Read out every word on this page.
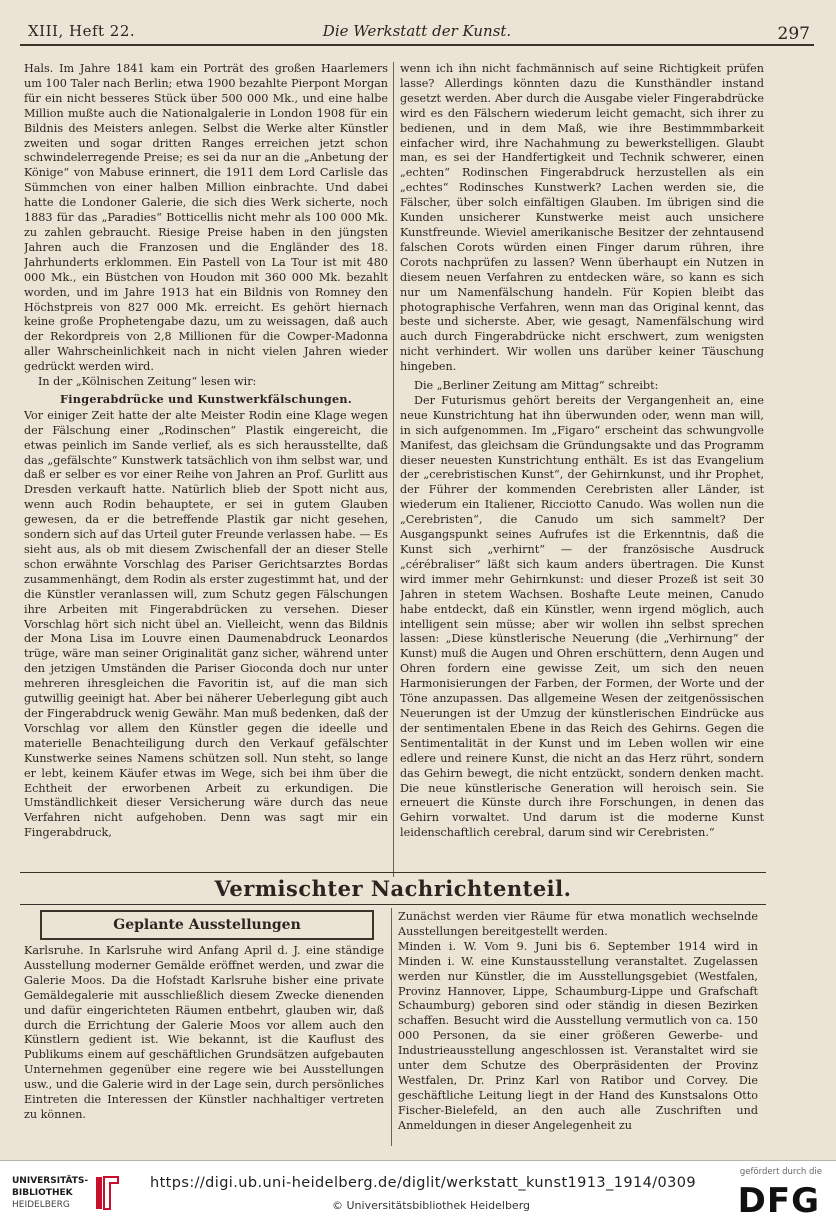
XIII, Heft 22.	Die Werkstatt der Kunst.	297

Hals. Im Jahre 1841 kam ein Porträt des großen Haarlemers um 100 Taler nach Berlin; etwa 1900 bezahlte Pierpont Morgan für ein nicht besseres Stück über 500 000 Mk., und eine halbe Million mußte auch die Nationalgalerie in London 1908 für ein Bildnis des Meisters anlegen. Selbst die Werke alter Künstler zweiten und sogar dritten Ranges erreichen jetzt schon schwindelerregende Preise; es sei da nur an die „Anbetung der Könige“ von Mabuse erinnert, die 1911 dem Lord Carlisle das Sümmchen von einer halben Million einbrachte. Und dabei hatte die Londoner Galerie, die sich dies Werk sicherte, noch 1883 für das „Paradies“ Botticellis nicht mehr als 100 000 Mk. zu zahlen gebraucht. Riesige Preise haben in den jüngsten Jahren auch die Franzosen und die Engländer des 18. Jahrhunderts erklommen. Ein Pastell von La Tour ist mit 480 000 Mk., ein Büstchen von Houdon mit 360 000 Mk. bezahlt worden, und im Jahre 1913 hat ein Bildnis von Romney den Höchstpreis von 827 000 Mk. erreicht. Es gehört hiernach keine große Prophetengabe dazu, um zu weissagen, daß auch der Rekordpreis von 2,8 Millionen für die Cowper-Madonna aller Wahrscheinlichkeit nach in nicht vielen Jahren wieder gedrückt werden wird.

In der „Kölnischen Zeitung“ lesen wir:

Fingerabdrücke und Kunstwerkfälschungen.

Vor einiger Zeit hatte der alte Meister Rodin eine Klage wegen der Fälschung einer „Rodinschen“ Plastik eingereicht, die etwas peinlich im Sande verlief, als es sich herausstellte, daß das „gefälschte“ Kunstwerk tatsächlich von ihm selbst war, und daß er selber es vor einer Reihe von Jahren an Prof. Gurlitt aus Dresden verkauft hatte. Natürlich blieb der Spott nicht aus, wenn auch Rodin behauptete, er sei in gutem Glauben gewesen, da er die betreffende Plastik gar nicht gesehen, sondern sich auf das Urteil guter Freunde verlassen habe. — Es sieht aus, als ob mit diesem Zwischenfall der an dieser Stelle schon erwähnte Vorschlag des Pariser Gerichtsarztes Bordas zusammenhängt, dem Rodin als erster zugestimmt hat, und der die Künstler veranlassen will, zum Schutz gegen Fälschungen ihre Arbeiten mit Fingerabdrücken zu versehen. Dieser Vorschlag hört sich nicht übel an. Vielleicht, wenn das Bildnis der Mona Lisa im Louvre einen Daumenabdruck Leonardos trüge, wäre man seiner Originalität ganz sicher, während unter den jetzigen Umständen die Pariser Gioconda doch nur unter mehreren ihresgleichen die Favoritin ist, auf die man sich gutwillig geeinigt hat. Aber bei näherer Ueberlegung gibt auch der Fingerabdruck wenig Gewähr. Man muß bedenken, daß der Vorschlag vor allem den Künstler gegen die ideelle und materielle Benachteiligung durch den Verkauf gefälschter Kunstwerke seines Namens schützen soll. Nun steht, so lange er lebt, keinem Käufer etwas im Wege, sich bei ihm über die Echtheit der erworbenen Arbeit zu erkundigen. Die Umständlichkeit dieser Versicherung wäre durch das neue Verfahren nicht aufgehoben. Denn was sagt mir ein Fingerabdruck,

wenn ich ihn nicht fachmännisch auf seine Richtigkeit prüfen lasse? Allerdings könnten dazu die Kunsthändler instand gesetzt werden. Aber durch die Ausgabe vieler Fingerabdrücke wird es den Fälschern wiederum leicht gemacht, sich ihrer zu bedienen, und in dem Maß, wie ihre Bestimmmbarkeit einfacher wird, ihre Nachahmung zu bewerkstelligen. Glaubt man, es sei der Handfertigkeit und Technik schwerer, einen „echten“ Rodinschen Fingerabdruck herzustellen als ein „echtes“ Rodinsches Kunstwerk? Lachen werden sie, die Fälscher, über solch einfältigen Glauben. Im übrigen sind die Kunden unsicherer Kunstwerke meist auch unsichere Kunstfreunde. Wieviel amerikanische Besitzer der zehntausend falschen Corots würden einen Finger darum rühren, ihre Corots nachprüfen zu lassen? Wenn überhaupt ein Nutzen in diesem neuen Verfahren zu entdecken wäre, so kann es sich nur um Namenfälschung handeln. Für Kopien bleibt das photographische Verfahren, wenn man das Original kennt, das beste und sicherste. Aber, wie gesagt, Namenfälschung wird auch durch Fingerabdrücke nicht erschwert, zum wenigsten nicht verhindert. Wir wollen uns darüber keiner Täuschung hingeben.

Die „Berliner Zeitung am Mittag“ schreibt:

Der Futurismus gehört bereits der Vergangenheit an, eine neue Kunstrichtung hat ihn überwunden oder, wenn man will, in sich aufgenommen. Im „Figaro“ erscheint das schwungvolle Manifest, das gleichsam die Gründungsakte und das Programm dieser neuesten Kunstrichtung enthält. Es ist das Evangelium der „cerebristischen Kunst“, der Gehirnkunst, und ihr Prophet, der Führer der kommenden Cerebristen aller Länder, ist wiederum ein Italiener, Ricciotto Canudo. Was wollen nun die „Cerebristen“, die Canudo um sich sammelt? Der Ausgangspunkt seines Aufrufes ist die Erkenntnis, daß die Kunst sich „verhirnt“ — der französische Ausdruck „cérébraliser“ läßt sich kaum anders übertragen. Die Kunst wird immer mehr Gehirnkunst: und dieser Prozeß ist seit 30 Jahren in stetem Wachsen. Boshafte Leute meinen, Canudo habe entdeckt, daß ein Künstler, wenn irgend möglich, auch intelligent sein müsse; aber wir wollen ihn selbst sprechen lassen: „Diese künstlerische Neuerung (die „Verhirnung“ der Kunst) muß die Augen und Ohren erschüttern, denn Augen und Ohren fordern eine gewisse Zeit, um sich den neuen Harmonisierungen der Farben, der Formen, der Worte und der Töne anzupassen. Das allgemeine Wesen der zeitgenössischen Neuerungen ist der Umzug der künstlerischen Eindrücke aus der sentimentalen Ebene in das Reich des Gehirns. Gegen die Sentimentalität in der Kunst und im Leben wollen wir eine edlere und reinere Kunst, die nicht an das Herz rührt, sondern das Gehirn bewegt, die nicht entzückt, sondern denken macht. Die neue künstlerische Generation will heroisch sein. Sie erneuert die Künste durch ihre Forschungen, in denen das Gehirn vorwaltet. Und darum ist die moderne Kunst leidenschaftlich cerebral, darum sind wir Cerebristen.“

Vermischter Nachrichtenteil.
Geplante Ausstellungen

Karlsruhe. In Karlsruhe wird Anfang April d. J. eine ständige Ausstellung moderner Gemälde eröffnet werden, und zwar die Galerie Moos. Da die Hofstadt Karlsruhe bisher eine private Gemäldegalerie mit ausschließlich diesem Zwecke dienenden und dafür eingerichteten Räumen entbehrt, glauben wir, daß durch die Errichtung der Galerie Moos vor allem auch den Künstlern gedient ist. Wie bekannt, ist die Kauflust des Publikums einem auf geschäftlichen Grundsätzen aufgebauten Unternehmen gegenüber eine regere wie bei Ausstellungen usw., und die Galerie wird in der Lage sein, durch persönliches Eintreten die Interessen der Künstler nachhaltiger vertreten zu können.

Zunächst werden vier Räume für etwa monatlich wechselnde Ausstellungen bereitgestellt werden.

Minden i. W. Vom 9. Juni bis 6. September 1914 wird in Minden i. W. eine Kunstausstellung veranstaltet. Zugelassen werden nur Künstler, die im Ausstellungsgebiet (Westfalen, Provinz Hannover, Lippe, Schaumburg-Lippe und Grafschaft Schaumburg) geboren sind oder ständig in diesen Bezirken schaffen. Besucht wird die Ausstellung vermutlich von ca. 150 000 Personen, da sie einer größeren Gewerbe- und Industrieausstellung angeschlossen ist. Veranstaltet wird sie unter dem Schutze des Oberpräsidenten der Provinz Westfalen, Dr. Prinz Karl von Ratibor und Corvey. Die geschäftliche Leitung liegt in der Hand des Kunstsalons Otto Fischer-Bielefeld, an den auch alle Zuschriften und Anmeldungen in dieser Angelegenheit zu

UNIVERSITÄTS-
BIBLIOTHEK
HEIDELBERG
https://digi.ub.uni-heidelberg.de/diglit/werkstatt_kunst1913_1914/0309
© Universitätsbibliothek Heidelberg
gefördert durch die
DFG
